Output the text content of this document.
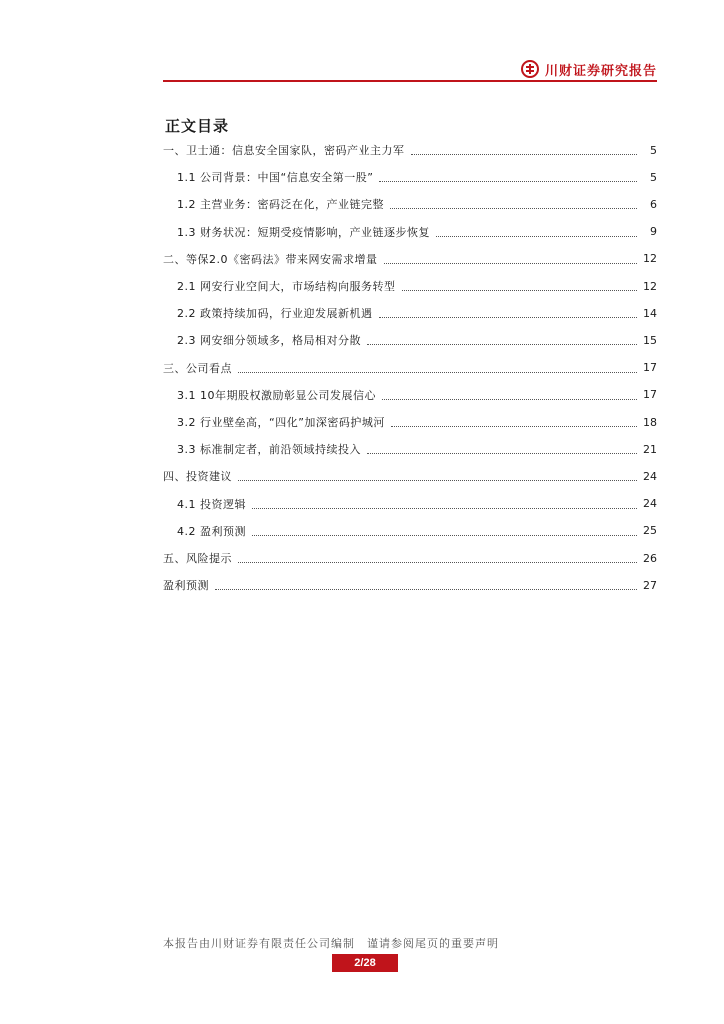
川财证券研究报告
正文目录
一、卫士通：信息安全国家队，密码产业主力军	5
1.1 公司背景：中国“信息安全第一股”	5
1.2 主营业务：密码泛在化，产业链完整	6
1.3 财务状况：短期受疫情影响，产业链逐步恢复	9
二、等保2.0《密码法》带来网安需求增量	12
2.1 网安行业空间大，市场结构向服务转型	12
2.2 政策持续加码，行业迎发展新机遇	14
2.3 网安细分领域多，格局相对分散	15
三、公司看点	17
3.1 10年期股权激励彰显公司发展信心	17
3.2 行业壁垒高，“四化”加深密码护城河	18
3.3 标准制定者，前沿领域持续投入	21
四、投资建议	24
4.1 投资逻辑	24
4.2 盈利预测	25
五、风险提示	26
盈利预测	27
本报告由川财证券有限责任公司编制　谨请参阅尾页的重要声明
2/28
